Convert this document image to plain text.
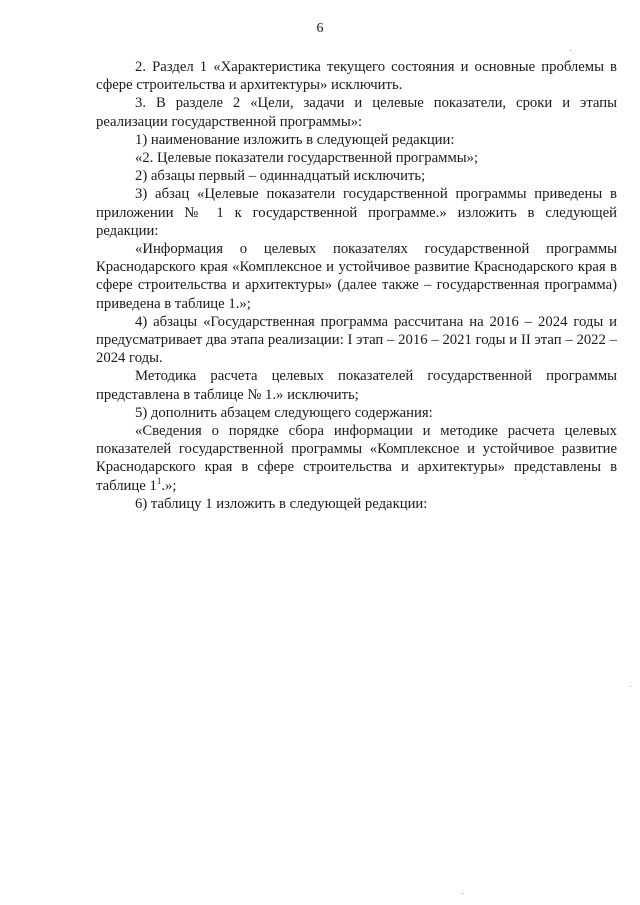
6

2. Раздел 1 «Характеристика текущего состояния и основные проблемы в сфере строительства и архитектуры» исключить.

3. В разделе 2 «Цели, задачи и целевые показатели, сроки и этапы реализации государственной программы»:

1) наименование изложить в следующей редакции:

«2. Целевые показатели государственной программы»;

2) абзацы первый – одиннадцатый исключить;

3) абзац «Целевые показатели государственной программы приведены в приложении № 1 к государственной программе.» изложить в следующей редакции:

«Информация о целевых показателях государственной программы Краснодарского края «Комплексное и устойчивое развитие Краснодарского края в сфере строительства и архитектуры» (далее также – государственная программа) приведена в таблице 1.»;

4) абзацы «Государственная программа рассчитана на 2016 – 2024 годы и предусматривает два этапа реализации: I этап – 2016 – 2021 годы и II этап – 2022 – 2024 годы.

Методика расчета целевых показателей государственной программы представлена в таблице № 1.» исключить;

5) дополнить абзацем следующего содержания:

«Сведения о порядке сбора информации и методике расчета целевых показателей государственной программы «Комплексное и устойчивое развитие Краснодарского края в сфере строительства и архитектуры» представлены в таблице $1^1$.»;

6) таблицу 1 изложить в следующей редакции:
